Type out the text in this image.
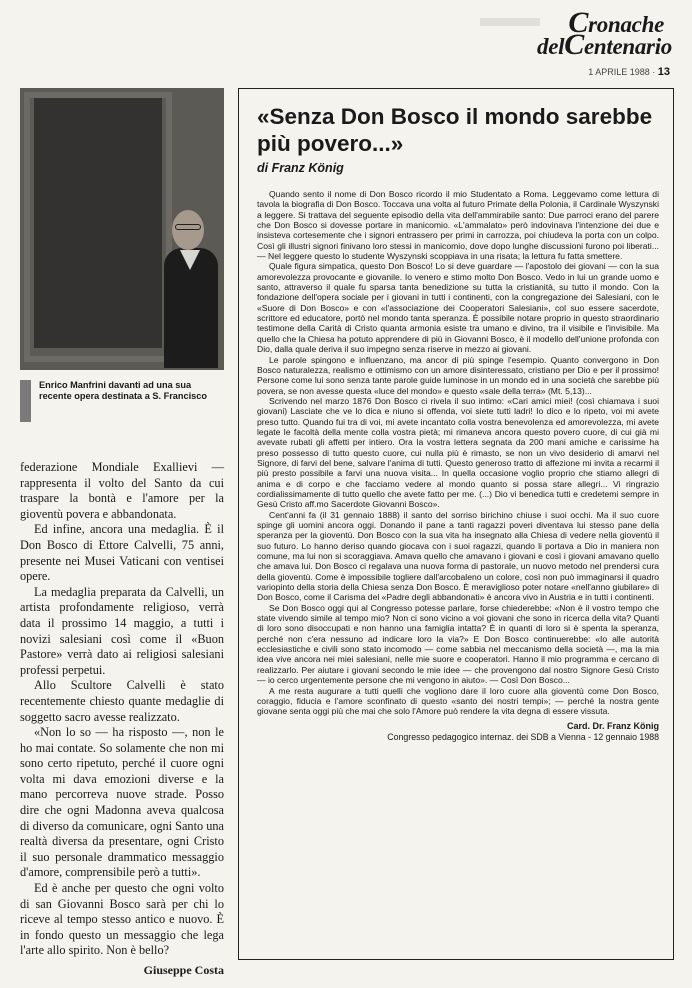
Cronache
delCentenario
1 APRILE 1988 · 13
Enrico Manfrini davanti ad una sua recente opera destinata a S. Francisco

federazione Mondiale Exallievi — rappresenta il volto del Santo da cui traspare la bontà e l'amore per la gioventù povera e abbandonata.

Ed infine, ancora una medaglia. È il Don Bosco di Ettore Calvelli, 75 anni, presente nei Musei Vaticani con ventisei opere.

La medaglia preparata da Calvelli, un artista profondamente religioso, verrà data il prossimo 14 maggio, a tutti i novizi salesiani così come il «Buon Pastore» verrà dato ai religiosi salesiani professi perpetui.

Allo Scultore Calvelli è stato recentemente chiesto quante medaglie di soggetto sacro avesse realizzato.

«Non lo so — ha risposto —, non le ho mai contate. So solamente che non mi sono certo ripetuto, perché il cuore ogni volta mi dava emozioni diverse e la mano percorreva nuove strade. Posso dire che ogni Madonna aveva qualcosa di diverso da comunicare, ogni Santo una realtà diversa da presentare, ogni Cristo il suo personale drammatico messaggio d'amore, comprensibile però a tutti».

Ed è anche per questo che ogni volto di san Giovanni Bosco sarà per chi lo riceve al tempo stesso antico e nuovo. È in fondo questo un messaggio che lega l'arte allo spirito. Non è bello?

Giuseppe Costa
«Senza Don Bosco il mondo sarebbe più povero...»
di Franz König

Quando sento il nome di Don Bosco ricordo il mio Studentato a Roma. Leggevamo come lettura di tavola la biografia di Don Bosco. Toccava una volta al futuro Primate della Polonia, il Cardinale Wyszynski a leggere. Si trattava del seguente episodio della vita dell'ammirabile santo: Due parroci erano del parere che Don Bosco si dovesse portare in manicomio. «L'ammalato» però indovinava l'intenzione dei due e insisteva cortesemente che i signori entrassero per primi in carrozza, poi chiudeva la porta con un colpo. Così gli illustri signori finivano loro stessi in manicomio, dove dopo lunghe discussioni furono poi liberati... — Nel leggere questo lo studente Wyszynski scoppiava in una risata; la lettura fu fatta smettere.

Quale figura simpatica, questo Don Bosco! Lo si deve guardare — l'apostolo dei giovani — con la sua amorevolezza provocante e giovanile. Io venero e stimo molto Don Bosco. Vedo in lui un grande uomo e santo, attraverso il quale fu sparsa tanta benedizione su tutta la cristianità, su tutto il mondo. Con la fondazione dell'opera sociale per i giovani in tutti i continenti, con la congregazione dei Salesiani, con le «Suore di Don Bosco» e con «l'associazione dei Cooperatori Salesiani», col suo essere sacerdote, scrittore ed educatore, portò nel mondo tanta speranza. È possibile notare proprio in questo straordinario testimone della Carità di Cristo quanta armonia esiste tra umano e divino, tra il visibile e l'invisibile. Ma quello che la Chiesa ha potuto apprendere di più in Giovanni Bosco, è il modello dell'unione profonda con Dio, dalla quale deriva il suo impegno senza riserve in mezzo ai giovani.

Le parole spingono e influenzano, ma ancor di più spinge l'esempio. Quanto convergono in Don Bosco naturalezza, realismo e ottimismo con un amore disinteressato, cristiano per Dio e per il prossimo! Persone come lui sono senza tante parole guide luminose in un mondo ed in una società che sarebbe più povera, se non avesse questa «luce del mondo» e questo «sale della terra» (Mt. 5,13)...

Scrivendo nel marzo 1876 Don Bosco ci rivela il suo intimo: «Cari amici miei! (così chiamava i suoi giovani) Lasciate che ve lo dica e niuno si offenda, voi siete tutti ladri! Io dico e lo ripeto, voi mi avete preso tutto. Quando fui tra di voi, mi avete incantato colla vostra benevolenza ed amorevolezza, mi avete legate le facoltà della mente colla vostra pietà; mi rimaneva ancora questo povero cuore, di cui già mi avevate rubati gli affetti per intiero. Ora la vostra lettera segnata da 200 mani amiche e carissime ha preso possesso di tutto questo cuore, cui nulla più è rimasto, se non un vivo desiderio di amarvi nel Signore, di farvi del bene, salvare l'anima di tutti. Questo generoso tratto di affezione mi invita a recarmi il più presto possibile a farvi una nuova visita... In quella occasione voglio proprio che stiamo allegri di anima e di corpo e che facciamo vedere al mondo quanto si possa stare allegri... Vi ringrazio cordialissimamente di tutto quello che avete fatto per me. (...) Dio vi benedica tutti e credetemi sempre in Gesù Cristo aff.mo Sacerdote Giovanni Bosco».

Cent'anni fa (il 31 gennaio 1888) il santo del sorriso birichino chiuse i suoi occhi. Ma il suo cuore spinge gli uomini ancora oggi. Donando il pane a tanti ragazzi poveri diventava lui stesso pane della speranza per la gioventù. Don Bosco con la sua vita ha insegnato alla Chiesa di vedere nella gioventù il suo futuro. Lo hanno deriso quando giocava con i suoi ragazzi, quando li portava a Dio in maniera non comune, ma lui non si scoraggiava. Amava quello che amavano i giovani e così i giovani amavano quello che amava lui. Don Bosco ci regalava una nuova forma di pastorale, un nuovo metodo nel prendersi cura della gioventù. Come è impossibile togliere dall'arcobaleno un colore, così non può immaginarsi il quadro variopinto della storia della Chiesa senza Don Bosco. È meraviglioso poter notare «nell'anno giubilare» di Don Bosco, come il Carisma del «Padre degli abbandonati» è ancora vivo in Austria e in tutti i continenti.

Se Don Bosco oggi qui al Congresso potesse parlare, forse chiederebbe: «Non è il vostro tempo che state vivendo simile al tempo mio? Non ci sono vicino a voi giovani che sono in ricerca della vita? Quanti di loro sono disoccupati e non hanno una famiglia intatta? È in quanti di loro si è spenta la speranza, perché non c'era nessuno ad indicare loro la via?» E Don Bosco continuerebbe: «Io alle autorità ecclesiastiche e civili sono stato incomodo — come sabbia nel meccanismo della società —, ma la mia idea vive ancora nei miei salesiani, nelle mie suore e cooperatori. Hanno il mio programma e cercano di realizzarlo. Per aiutare i giovani secondo le mie idee — che provengono dal nostro Signore Gesù Cristo — io cerco urgentemente persone che mi vengono in aiuto». — Così Don Bosco...

A me resta augurare a tutti quelli che vogliono dare il loro cuore alla gioventù come Don Bosco, coraggio, fiducia e l'amore sconfinato di questo «santo dei nostri tempi»; — perché la nostra gente giovane senta oggi più che mai che solo l'Amore può rendere la vita degna di essere vissuta.

Card. Dr. Franz König
Congresso pedagogico internaz. dei SDB a Vienna - 12 gennaio 1988
